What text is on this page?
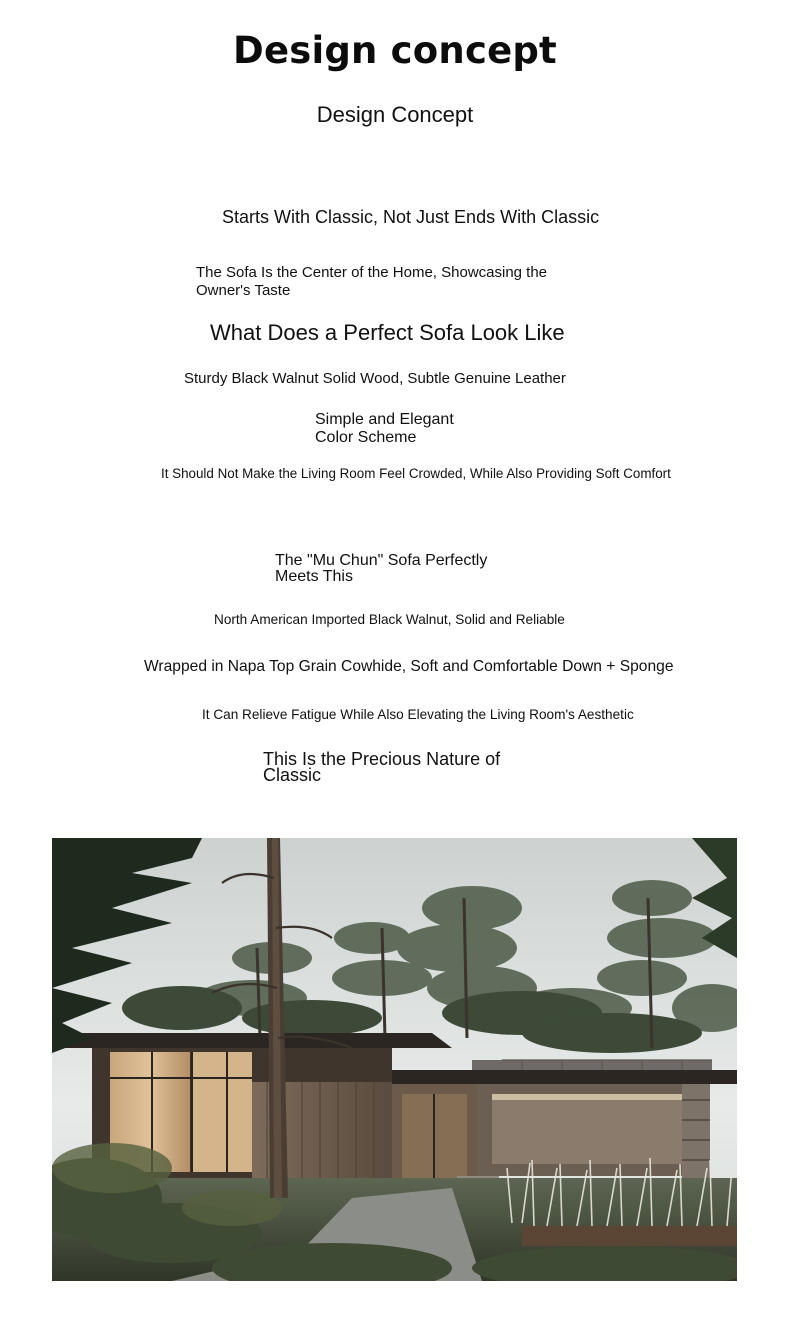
Design concept
Design Concept
Starts With Classic, Not Just Ends With Classic
The Sofa Is the Center of the Home, Showcasing the Owner's Taste
What Does a Perfect Sofa Look Like
Sturdy Black Walnut Solid Wood, Subtle Genuine Leather
Simple and Elegant Color Scheme
It Should Not Make the Living Room Feel Crowded, While Also Providing Soft Comfort
The "Mu Chun" Sofa Perfectly Meets This
North American Imported Black Walnut, Solid and Reliable
Wrapped in Napa Top Grain Cowhide, Soft and Comfortable Down + Sponge
It Can Relieve Fatigue While Also Elevating the Living Room's Aesthetic
This Is the Precious Nature of Classic
